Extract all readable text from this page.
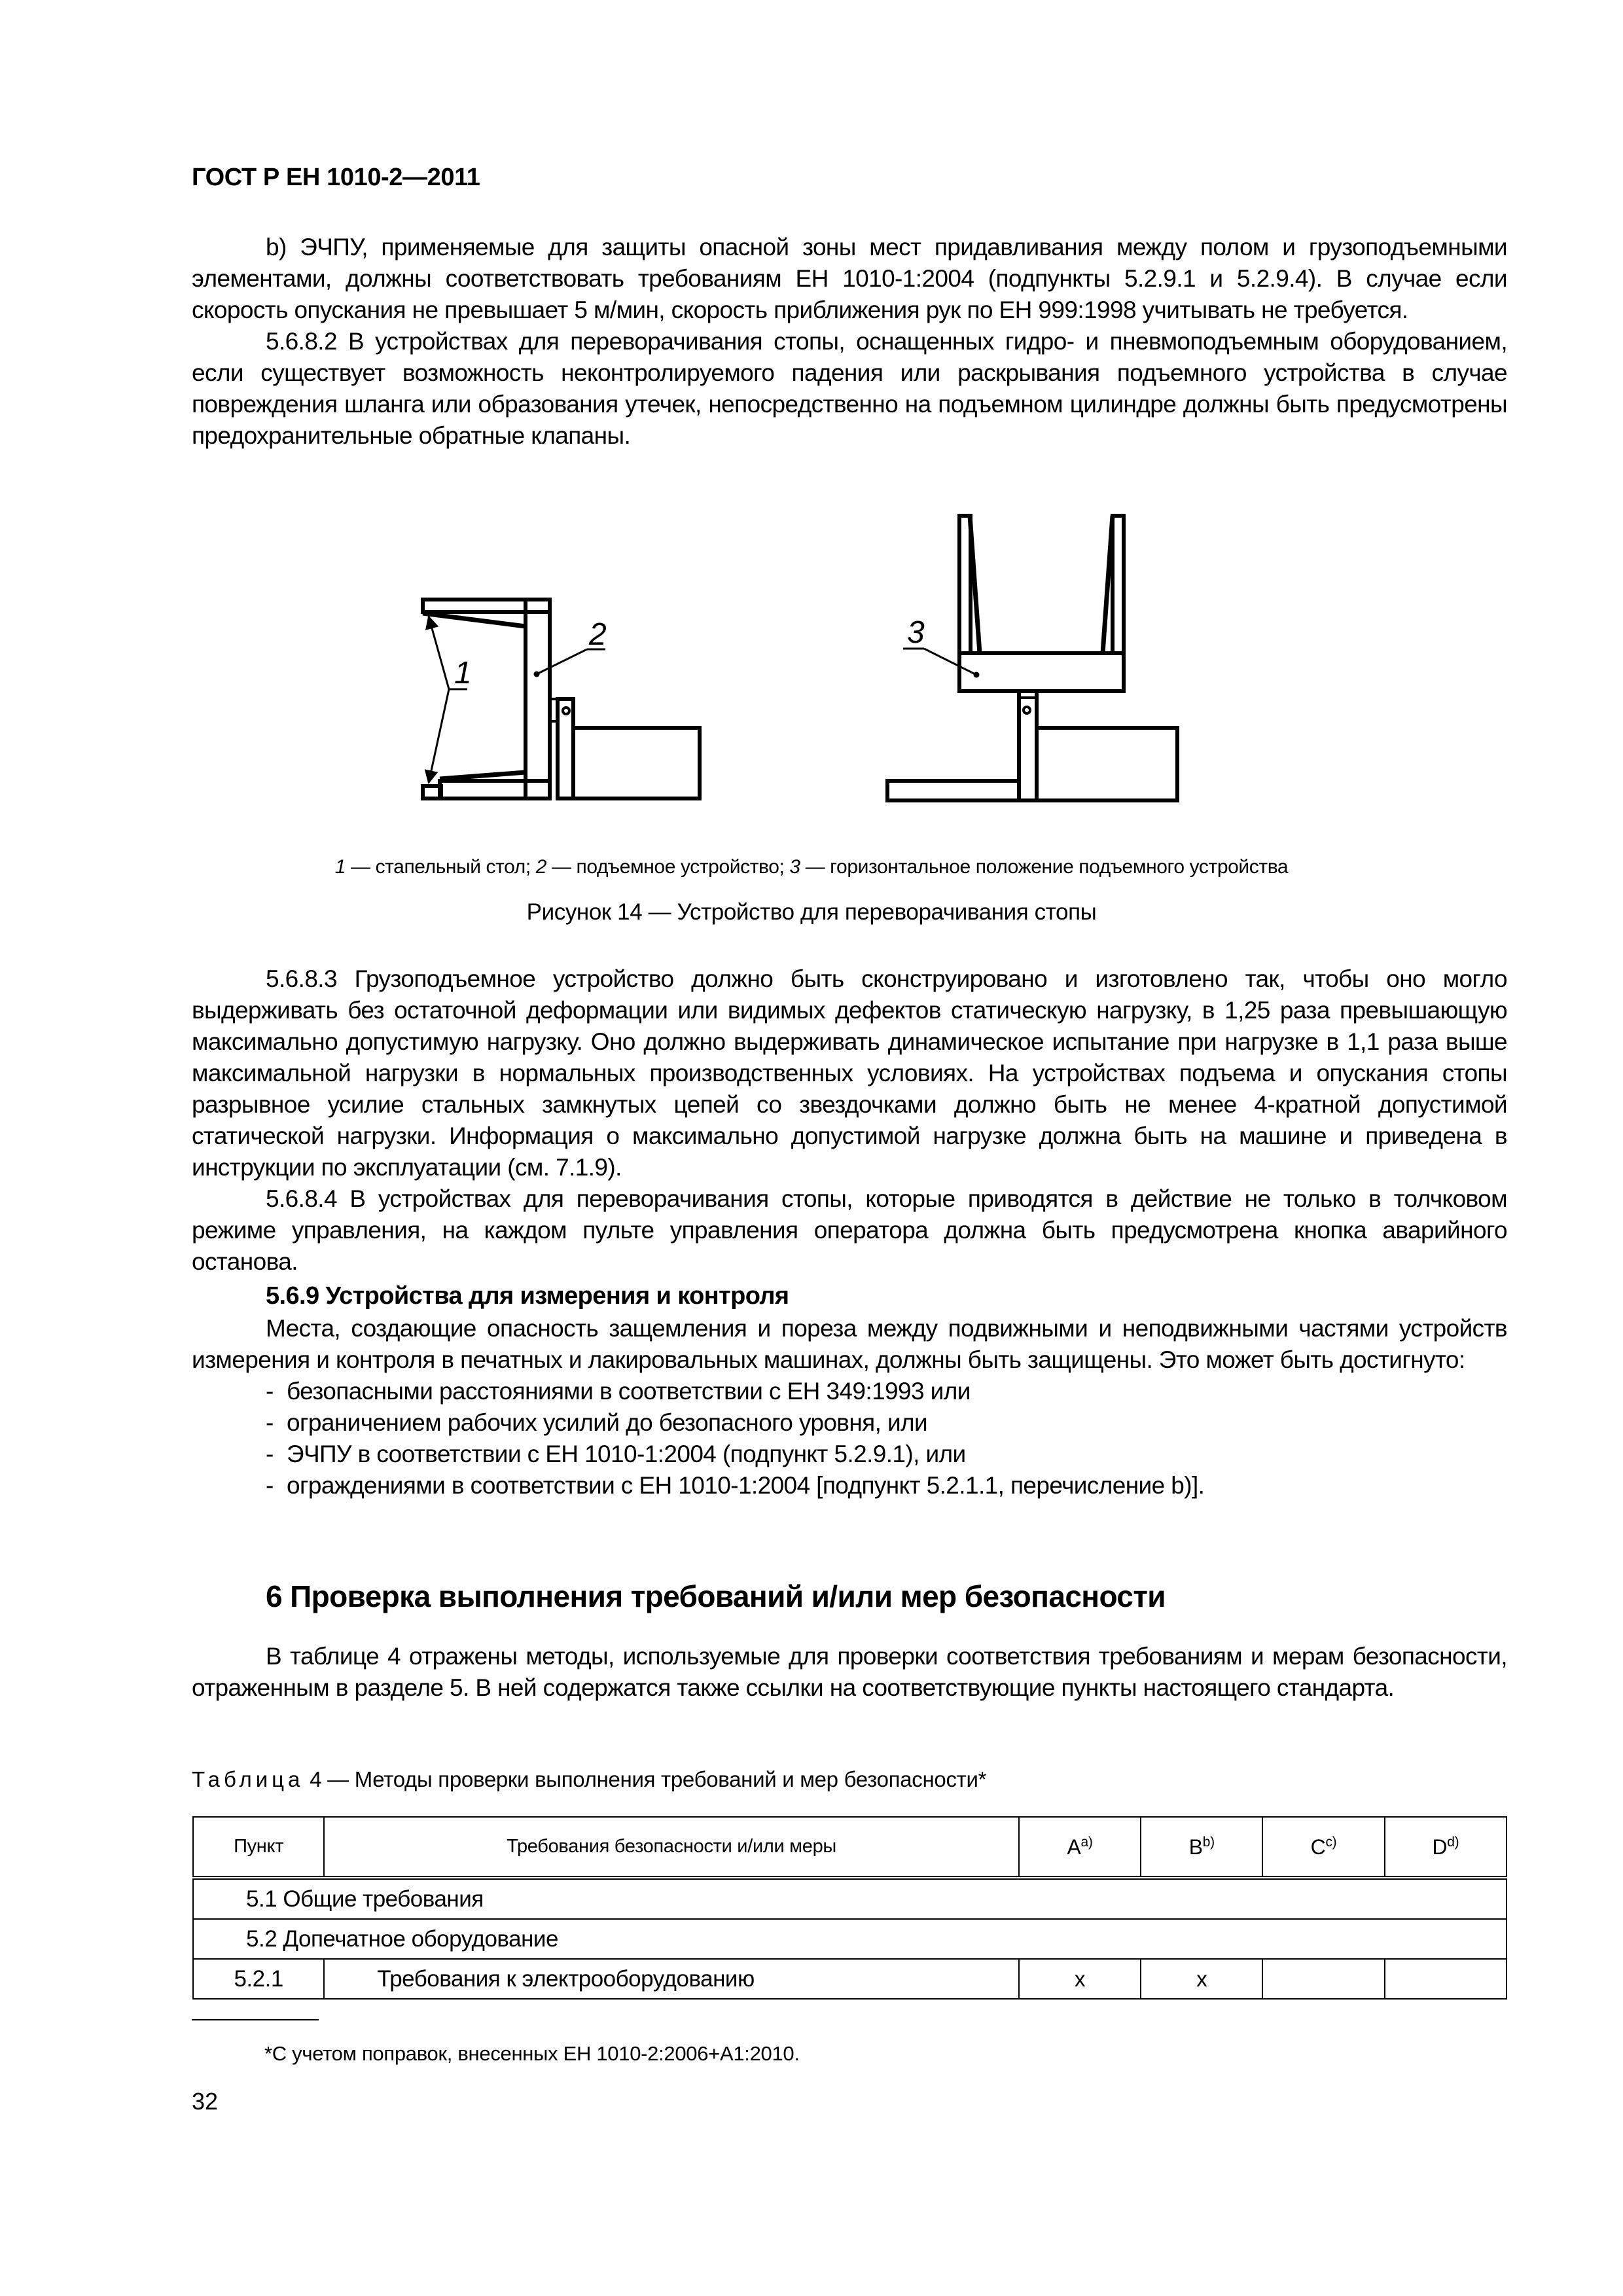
ГОСТ Р ЕН 1010-2—2011

b) ЭЧПУ, применяемые для защиты опасной зоны мест придавливания между полом и грузоподъемными элементами, должны соответствовать требованиям ЕН 1010-1:2004 (подпункты 5.2.9.1 и 5.2.9.4). В случае если скорость опускания не превышает 5 м/мин, скорость приближения рук по ЕН 999:1998 учитывать не требуется.

5.6.8.2 В устройствах для переворачивания стопы, оснащенных гидро- и пневмоподъемным оборудованием, если существует возможность неконтролируемого падения или раскрывания подъемного устройства в случае повреждения шланга или образования утечек, непосредственно на подъемном цилиндре должны быть предусмотрены предохранительные обратные клапаны.

1
2	3
1 — стапельный стол; 2 — подъемное устройство; 3 — горизонтальное положение подъемного устройства
Рисунок 14 — Устройство для переворачивания стопы

5.6.8.3 Грузоподъемное устройство должно быть сконструировано и изготовлено так, чтобы оно могло выдерживать без остаточной деформации или видимых дефектов статическую нагрузку, в 1,25 раза превышающую максимально допустимую нагрузку. Оно должно выдерживать динамическое испытание при нагрузке в 1,1 раза выше максимальной нагрузки в нормальных производственных условиях. На устройствах подъема и опускания стопы разрывное усилие стальных замкнутых цепей со звездочками должно быть не менее 4-кратной допустимой статической нагрузки. Информация о максимально допустимой нагрузке должна быть на машине и приведена в инструкции по эксплуатации (см. 7.1.9).

5.6.8.4 В устройствах для переворачивания стопы, которые приводятся в действие не только в толчковом режиме управления, на каждом пульте управления оператора должна быть предусмотрена кнопка аварийного останова.

5.6.9 Устройства для измерения и контроля

Места, создающие опасность защемления и пореза между подвижными и неподвижными частями устройств измерения и контроля в печатных и лакировальных машинах, должны быть защищены. Это может быть достигнуто:

- безопасными расстояниями в соответствии с ЕН 349:1993 или
- ограничением рабочих усилий до безопасного уровня, или
- ЭЧПУ в соответствии с ЕН 1010-1:2004 (подпункт 5.2.9.1), или
- ограждениями в соответствии с ЕН 1010-1:2004 [подпункт 5.2.1.1, перечисление b)].
6 Проверка выполнения требований и/или мер безопасности

В таблице 4 отражены методы, используемые для проверки соответствия требованиям и мерам безопасности, отраженным в разделе 5. В ней содержатся также ссылки на соответствующие пункты настоящего стандарта.

Таблица 4 — Методы проверки выполнения требований и мер безопасности*
Пункт	Требования безопасности и/или меры	$A^{a)}$	$B^{b)}$	$C^{c)}$	$D^{d)}$
5.1 Общие требования					
5.2 Допечатное оборудование					
5.2.1	Требования к электрооборудованию	x	x		
*С учетом поправок, внесенных ЕН 1010-2:2006+А1:2010.
32
